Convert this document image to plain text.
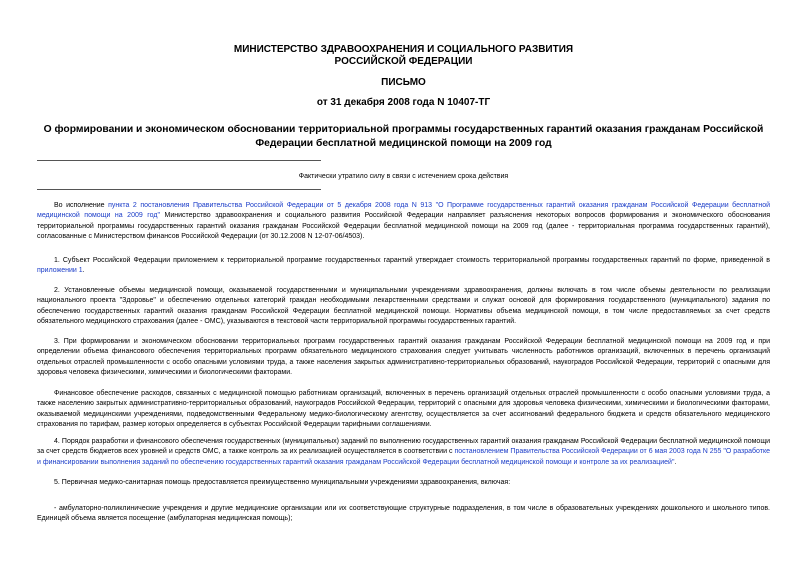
МИНИСТЕРСТВО ЗДРАВООХРАНЕНИЯ И СОЦИАЛЬНОГО РАЗВИТИЯ
РОССИЙСКОЙ ФЕДЕРАЦИИ
ПИСЬМО
от 31 декабря 2008 года N 10407-ТГ
О формировании и экономическом обосновании территориальной программы государственных гарантий оказания гражданам Российской Федерации бесплатной медицинской помощи на 2009 год
Фактически утратило силу в связи с истечением срока действия

Во исполнение пункта 2 постановления Правительства Российской Федерации от 5 декабря 2008 года N 913 "О Программе государственных гарантий оказания гражданам Российской Федерации бесплатной медицинской помощи на 2009 год" Министерство здравоохранения и социального развития Российской Федерации направляет разъяснения некоторых вопросов формирования и экономического обоснования территориальной программы государственных гарантий оказания гражданам Российской Федерации бесплатной медицинской помощи на 2009 год (далее - территориальная программа государственных гарантий), согласованные с Министерством финансов Российской Федерации (от 30.12.2008 N 12-07-06/4503).

1. Субъект Российской Федерации приложением к территориальной программе государственных гарантий утверждает стоимость территориальной программы государственных гарантий по форме, приведенной в приложении 1.

2. Установленные объемы медицинской помощи, оказываемой государственными и муниципальными учреждениями здравоохранения, должны включать в том числе объемы деятельности по реализации национального проекта "Здоровье" и обеспечению отдельных категорий граждан необходимыми лекарственными средствами и служат основой для формирования государственного (муниципального) задания по обеспечению государственных гарантий оказания гражданам Российской Федерации бесплатной медицинской помощи. Нормативы объема медицинской помощи, в том числе предоставляемых за счет средств обязательного медицинского страхования (далее - ОМС), указываются в текстовой части территориальной программы государственных гарантий.

3. При формировании и экономическом обосновании территориальных программ государственных гарантий оказания гражданам Российской Федерации бесплатной медицинской помощи на 2009 год и при определении объема финансового обеспечения территориальных программ обязательного медицинского страхования следует учитывать численность работников организаций, включенных в перечень организаций отдельных отраслей промышленности с особо опасными условиями труда, а также населения закрытых административно-территориальных образований, наукоградов Российской Федерации, территорий с опасными для здоровья человека физическими, химическими и биологическими факторами.

Финансовое обеспечение расходов, связанных с медицинской помощью работникам организаций, включенных в перечень организаций отдельных отраслей промышленности с особо опасными условиями труда, а также населению закрытых административно-территориальных образований, наукоградов Российской Федерации, территорий с опасными для здоровья человека физическими, химическими и биологическими факторами, оказываемой медицинскими учреждениями, подведомственными Федеральному медико-биологическому агентству, осуществляется за счет ассигнований федерального бюджета и средств обязательного медицинского страхования по тарифам, размер которых определяется в субъектах Российской Федерации тарифными соглашениями.

4. Порядок разработки и финансового обеспечения государственных (муниципальных) заданий по выполнению государственных гарантий оказания гражданам Российской Федерации бесплатной медицинской помощи за счет средств бюджетов всех уровней и средств ОМС, а также контроль за их реализацией осуществляется в соответствии с постановлением Правительства Российской Федерации от 6 мая 2003 года N 255 "О разработке и финансировании выполнения заданий по обеспечению государственных гарантий оказания гражданам Российской Федерации бесплатной медицинской помощи и контроле за их реализацией".

5. Первичная медико-санитарная помощь предоставляется преимущественно муниципальными учреждениями здравоохранения, включая:

- амбулаторно-поликлинические учреждения и другие медицинские организации или их соответствующие структурные подразделения, в том числе в образовательных учреждениях дошкольного и школьного типов. Единицей объема является посещение (амбулаторная медицинская помощь);
